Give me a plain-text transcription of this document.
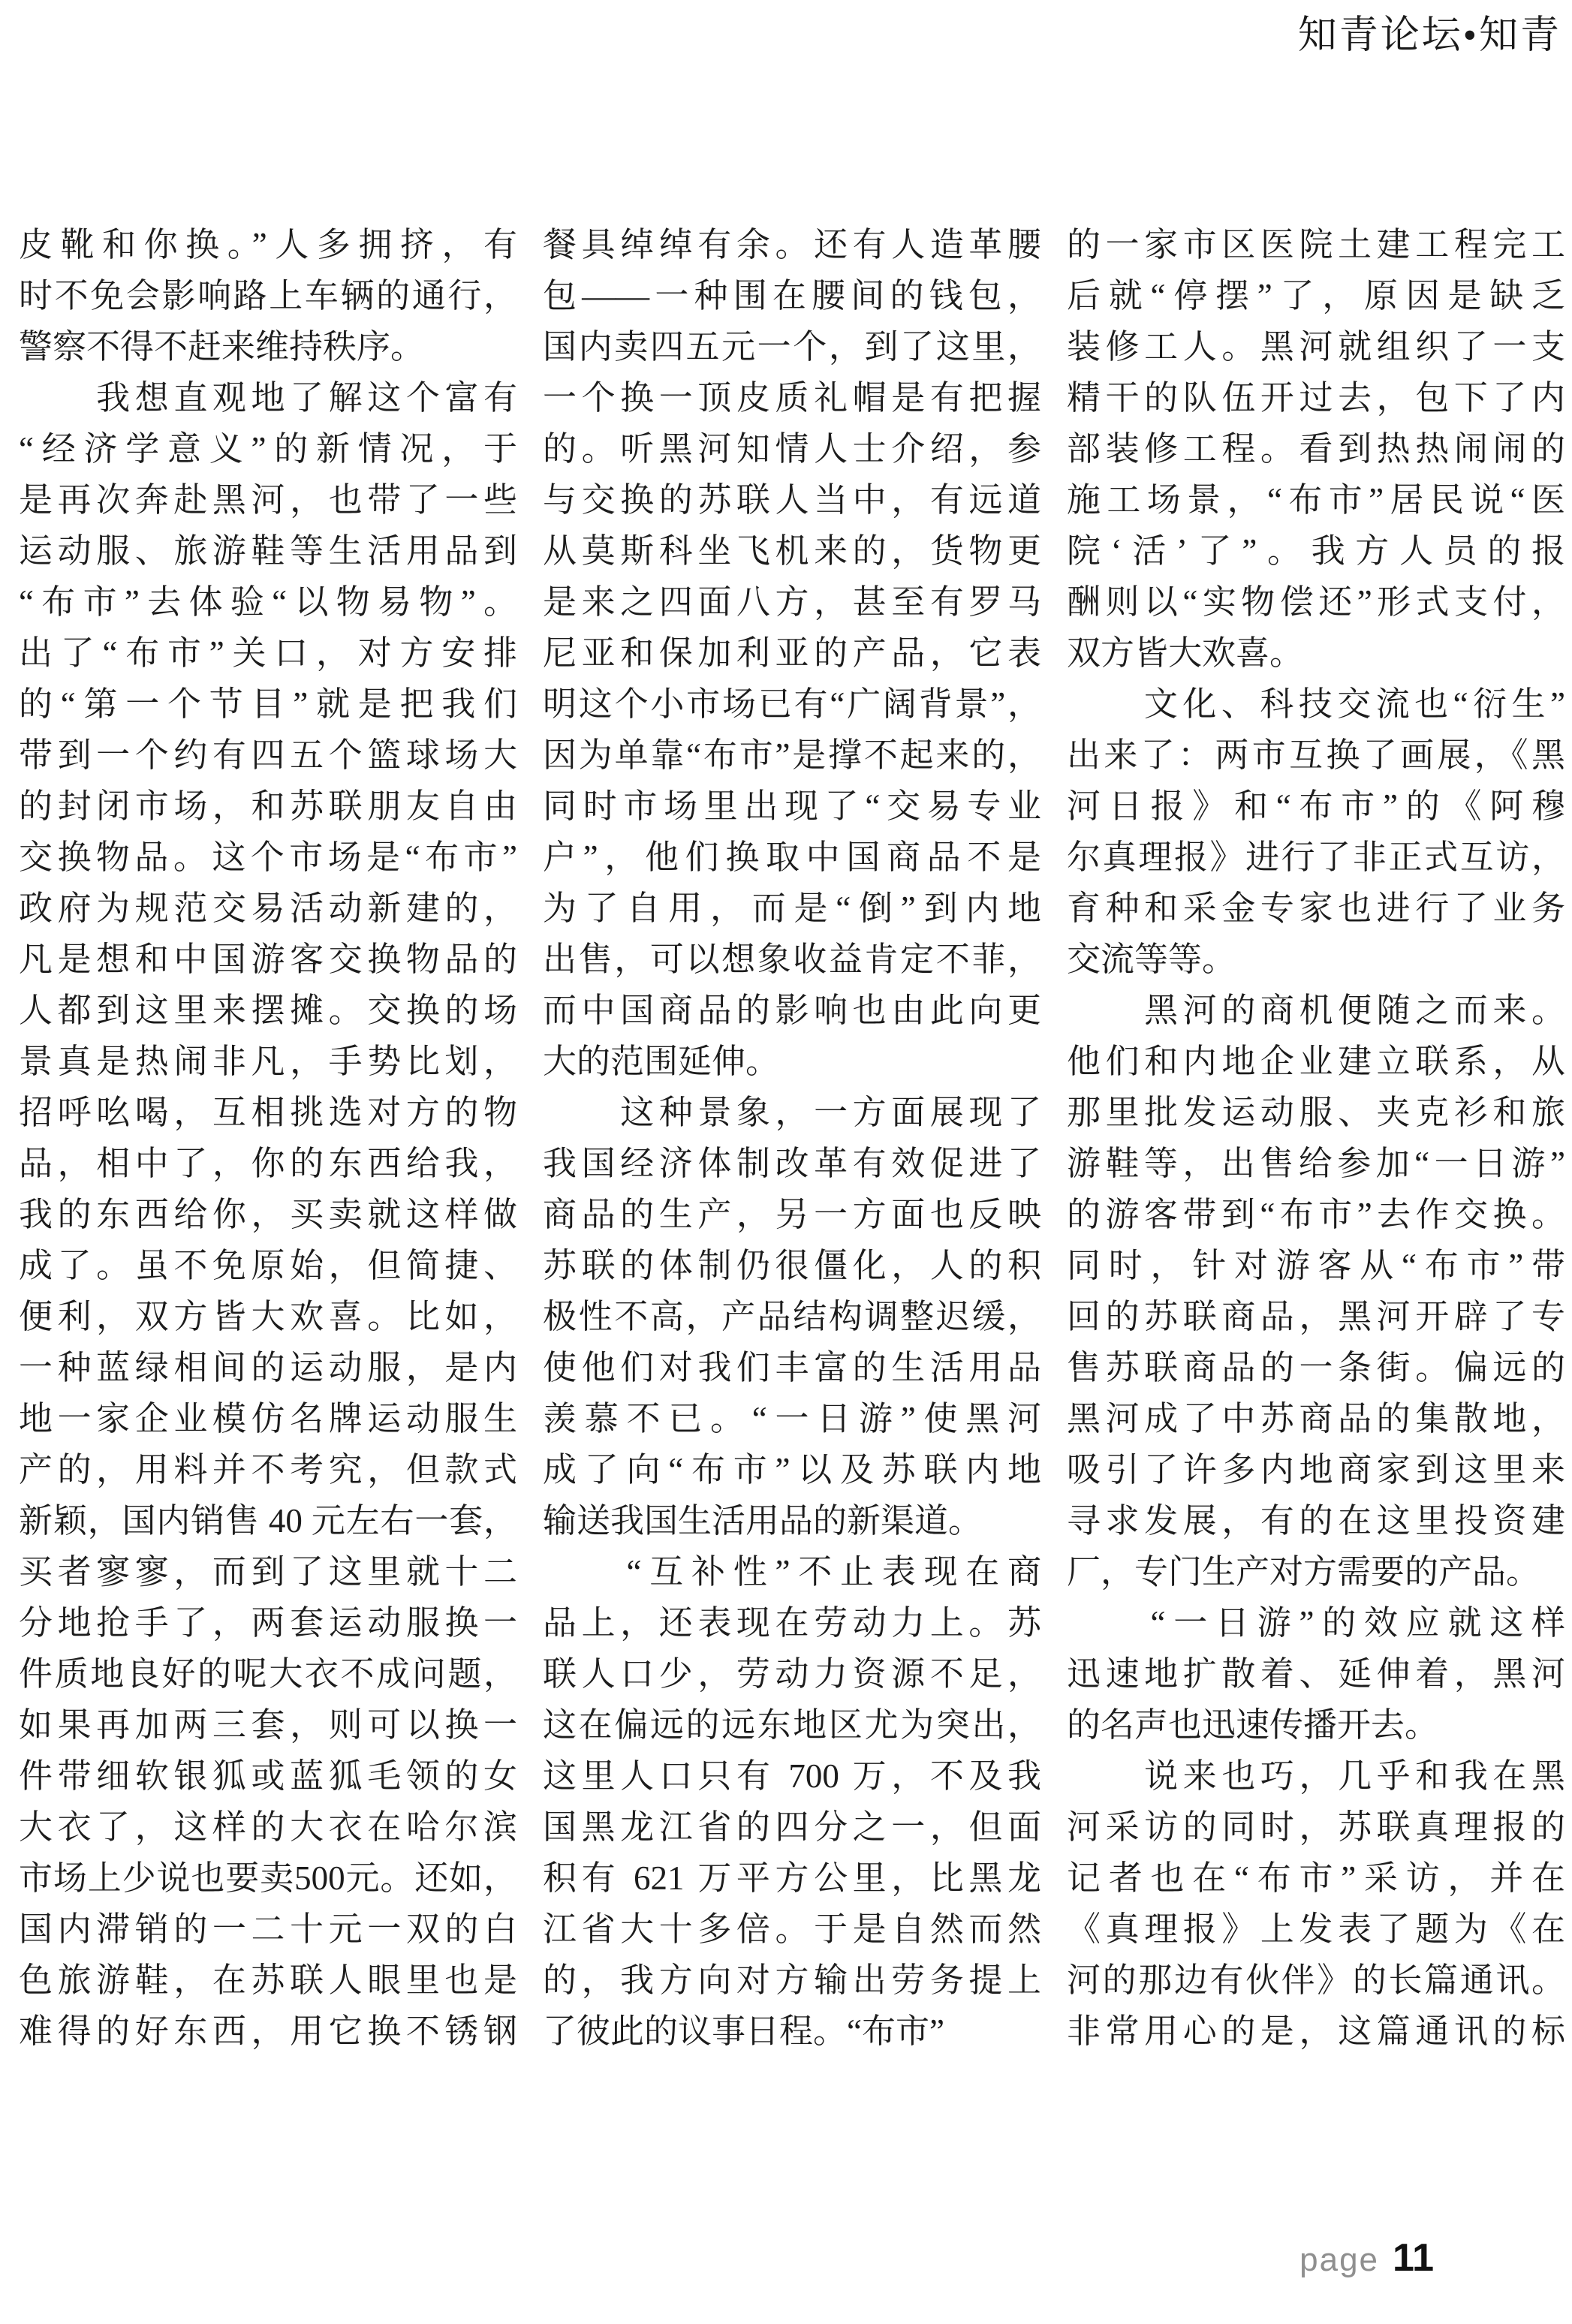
知青论坛•知青
皮靴和你换。”人多拥挤，有
时不免会影响路上车辆的通行，
警察不得不赶来维持秩序。
　　我想直观地了解这个富有
“经济学意义”的新情况，于
是再次奔赴黑河，也带了一些
运动服、旅游鞋等生活用品到
“布市”去体验“以物易物”。
出了“布市”关口，对方安排
的“第一个节目”就是把我们
带到一个约有四五个篮球场大
的封闭市场，和苏联朋友自由
交换物品。这个市场是“布市”
政府为规范交易活动新建的，
凡是想和中国游客交换物品的
人都到这里来摆摊。交换的场
景真是热闹非凡，手势比划，
招呼吆喝，互相挑选对方的物
品，相中了，你的东西给我，
我的东西给你，买卖就这样做
成了。虽不免原始，但简捷、
便利，双方皆大欢喜。比如，
一种蓝绿相间的运动服，是内
地一家企业模仿名牌运动服生
产的，用料并不考究，但款式
新颖，国内销售 40 元左右一套，
买者寥寥，而到了这里就十二
分地抢手了，两套运动服换一
件质地良好的呢大衣不成问题，
如果再加两三套，则可以换一
件带细软银狐或蓝狐毛领的女
大衣了，这样的大衣在哈尔滨
市场上少说也要卖500元。还如，
国内滞销的一二十元一双的白
色旅游鞋，在苏联人眼里也是
难得的好东西，用它换不锈钢
餐具绰绰有余。还有人造革腰
包——一种围在腰间的钱包，
国内卖四五元一个，到了这里，
一个换一顶皮质礼帽是有把握
的。听黑河知情人士介绍，参
与交换的苏联人当中，有远道
从莫斯科坐飞机来的，货物更
是来之四面八方，甚至有罗马
尼亚和保加利亚的产品，它表
明这个小市场已有“广阔背景”，
因为单靠“布市”是撑不起来的，
同时市场里出现了“交易专业
户”，他们换取中国商品不是
为了自用，而是“倒”到内地
出售，可以想象收益肯定不菲，
而中国商品的影响也由此向更
大的范围延伸。
　　这种景象，一方面展现了
我国经济体制改革有效促进了
商品的生产，另一方面也反映
苏联的体制仍很僵化，人的积
极性不高，产品结构调整迟缓，
使他们对我们丰富的生活用品
羡慕不已。“一日游”使黑河
成了向“布市”以及苏联内地
输送我国生活用品的新渠道。
　　“互补性”不止表现在商
品上，还表现在劳动力上。苏
联人口少，劳动力资源不足，
这在偏远的远东地区尤为突出，
这里人口只有 700 万，不及我
国黑龙江省的四分之一，但面
积有 621 万平方公里，比黑龙
江省大十多倍。于是自然而然
的，我方向对方输出劳务提上
了彼此的议事日程。“布市”
的一家市区医院土建工程完工
后就“停摆”了，原因是缺乏
装修工人。黑河就组织了一支
精干的队伍开过去，包下了内
部装修工程。看到热热闹闹的
施工场景，“布市”居民说“医
院‘活’了”。我方人员的报
酬则以“实物偿还”形式支付，
双方皆大欢喜。
　　文化、科技交流也“衍生”
出来了：两市互换了画展，《黑
河日报》和“布市”的《阿穆
尔真理报》进行了非正式互访，
育种和采金专家也进行了业务
交流等等。
　　黑河的商机便随之而来。
他们和内地企业建立联系，从
那里批发运动服、夹克衫和旅
游鞋等，出售给参加“一日游”
的游客带到“布市”去作交换。
同时，针对游客从“布市”带
回的苏联商品，黑河开辟了专
售苏联商品的一条街。偏远的
黑河成了中苏商品的集散地，
吸引了许多内地商家到这里来
寻求发展，有的在这里投资建
厂，专门生产对方需要的产品。
　　“一日游”的效应就这样
迅速地扩散着、延伸着，黑河
的名声也迅速传播开去。
　　说来也巧，几乎和我在黑
河采访的同时，苏联真理报的
记者也在“布市”采访，并在
《真理报》上发表了题为《在
河的那边有伙伴》的长篇通讯。
非常用心的是，这篇通讯的标
page 11
